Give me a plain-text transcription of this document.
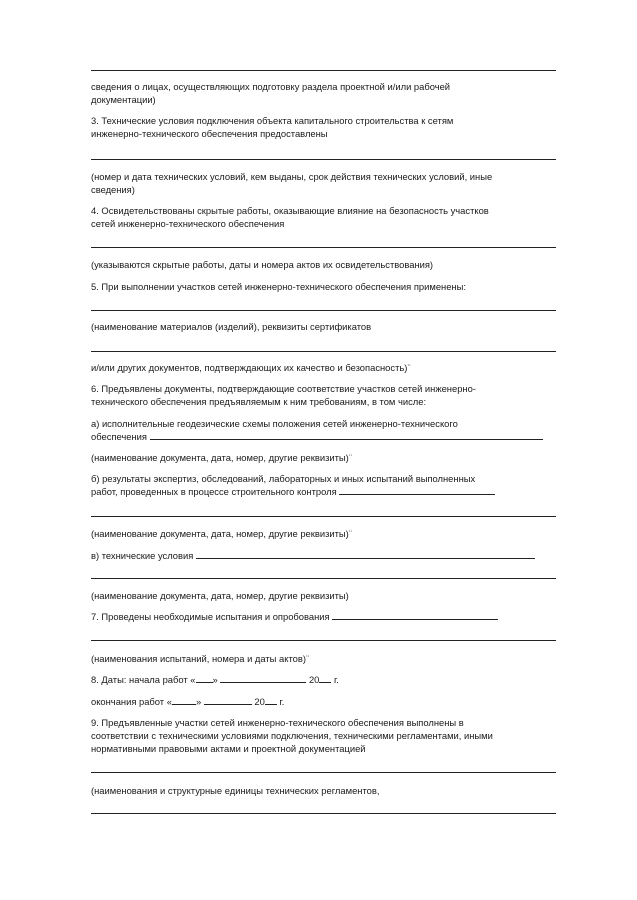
сведения о лицах, осуществляющих подготовку раздела проектной и/или рабочей

документации)

3. Технические условия подключения объекта капитального строительства к сетям

инженерно-технического обеспечения предоставлены

(номер и дата технических условий, кем выданы, срок действия технических условий, иные

сведения)

4. Освидетельствованы скрытые работы, оказывающие влияние на безопасность участков

сетей инженерно-технического обеспечения

(указываются скрытые работы, даты и номера актов их освидетельствования)

5. При выполнении участков сетей инженерно-технического обеспечения применены:

(наименование материалов (изделий), реквизиты сертификатов

и/или других документов, подтверждающих их качество и безопасность)$^{^{11}}$

6. Предъявлены документы, подтверждающие соответствие участков сетей инженерно-

технического обеспечения предъявляемым к ним требованиям, в том числе:

а) исполнительные геодезические схемы положения сетей инженерно-технического

обеспечения

(наименование документа, дата, номер, другие реквизиты)$^{^{11}}$

б) результаты экспертиз, обследований, лабораторных и иных испытаний выполненных

работ, проведенных в процессе строительного контроля

(наименование документа, дата, номер, другие реквизиты)$^{^{11}}$

в) технические условия

(наименование документа, дата, номер, другие реквизиты)

7. Проведены необходимые испытания и опробования

(наименования испытаний, номера и даты актов)$^{^{11}}$

8. Даты: начала работ « »	20 г.

окончания работ «	»	20 г.

9. Предъявленные участки сетей инженерно-технического обеспечения выполнены в

соответствии с техническими условиями подключения, техническими регламентами, иными

нормативными правовыми актами и проектной документацией

(наименования и структурные единицы технических регламентов,
